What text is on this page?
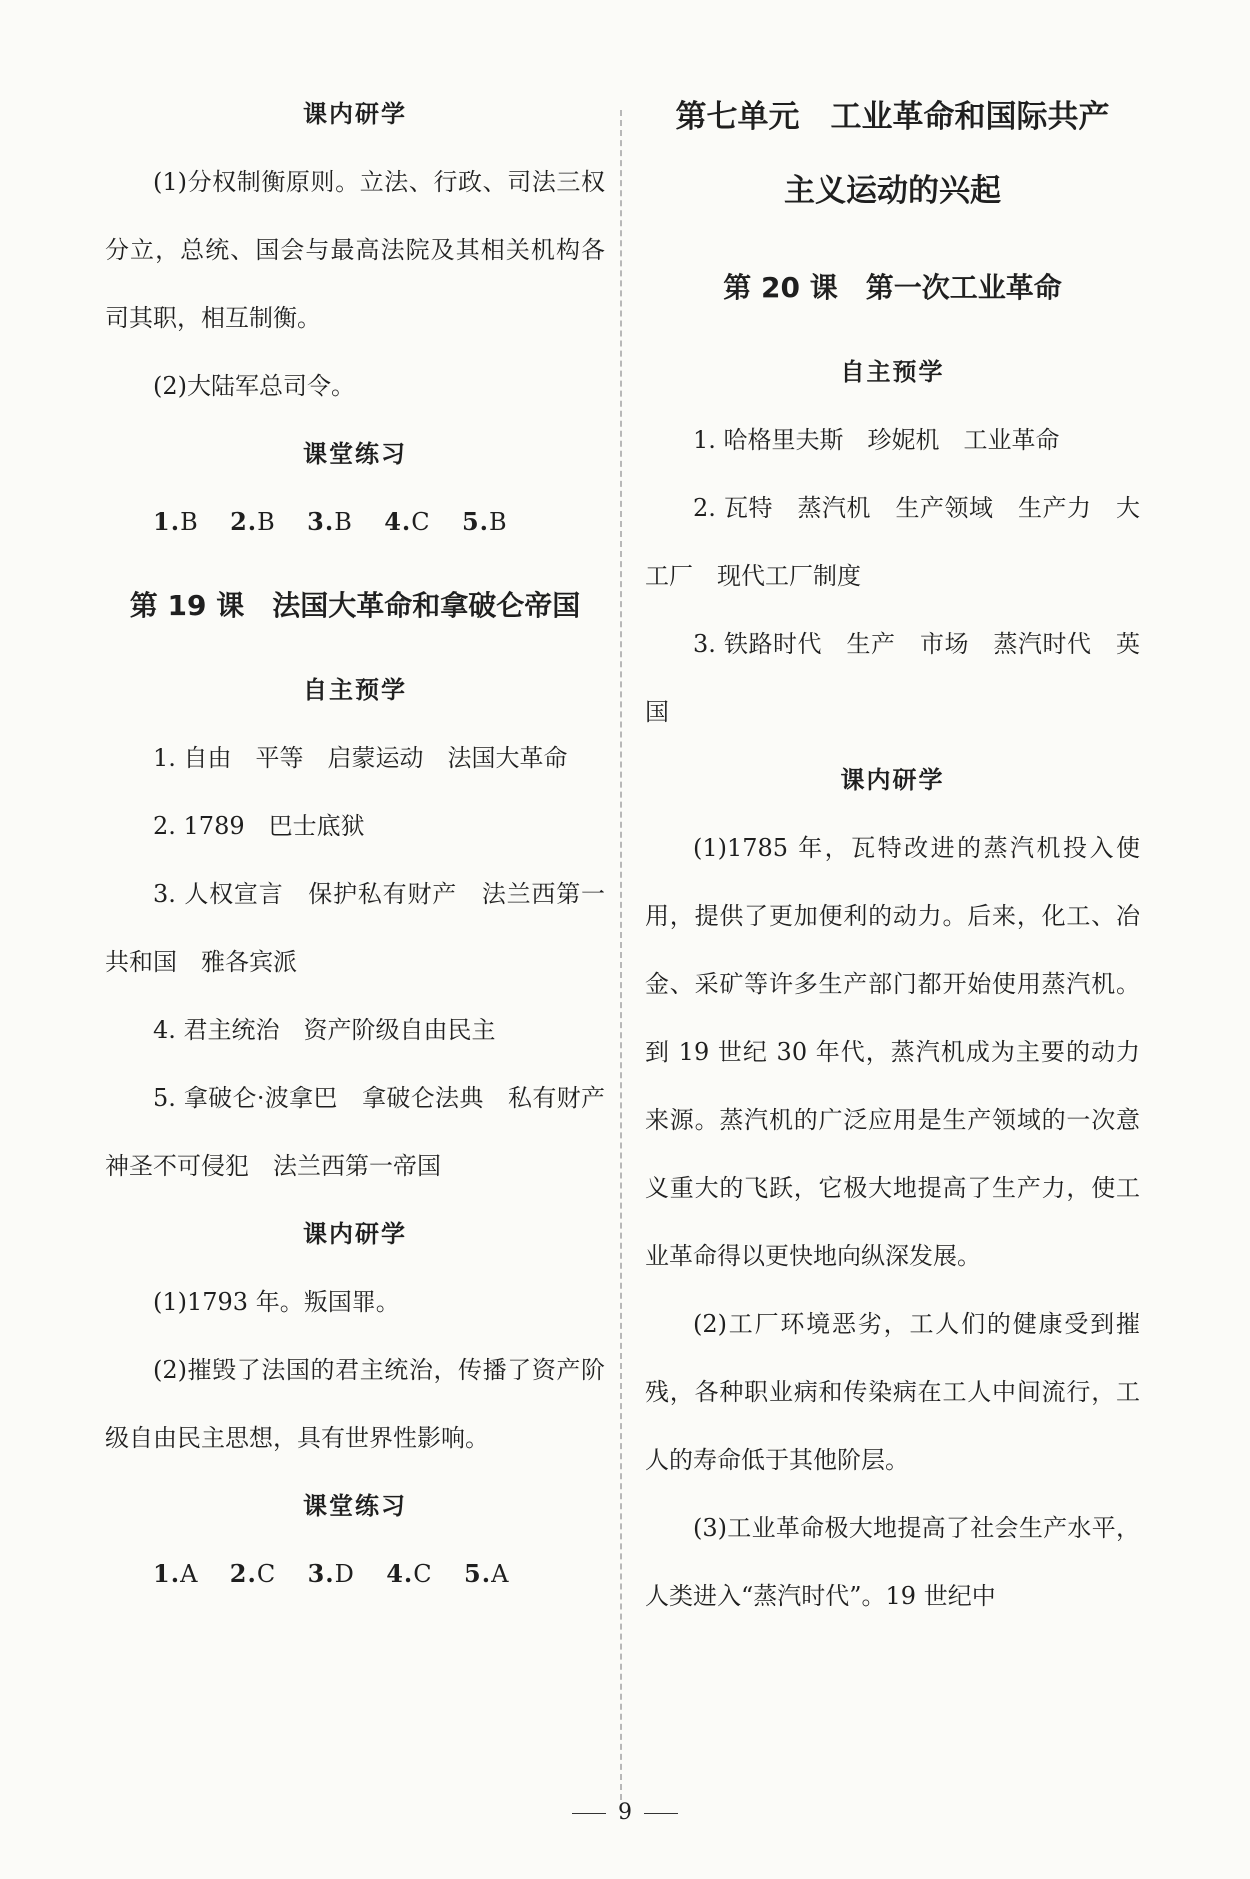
课内研学
(1)分权制衡原则。立法、行政、司法三权分立，总统、国会与最高法院及其相关机构各司其职，相互制衡。
(2)大陆军总司令。
课堂练习
1.B 2.B 3.B 4.C 5.B
第 19 课　法国大革命和拿破仑帝国
自主预学
1. 自由　平等　启蒙运动　法国大革命
2. 1789　巴士底狱
3. 人权宣言　保护私有财产　法兰西第一共和国　雅各宾派
4. 君主统治　资产阶级自由民主
5. 拿破仑·波拿巴　拿破仑法典　私有财产神圣不可侵犯　法兰西第一帝国
课内研学
(1)1793 年。叛国罪。
(2)摧毁了法国的君主统治，传播了资产阶级自由民主思想，具有世界性影响。
课堂练习
1.A 2.C 3.D 4.C 5.A
第七单元　工业革命和国际共产
主义运动的兴起
第 20 课　第一次工业革命
自主预学
1. 哈格里夫斯　珍妮机　工业革命
2. 瓦特　蒸汽机　生产领域　生产力　大工厂　现代工厂制度
3. 铁路时代　生产　市场　蒸汽时代　英国
课内研学
(1)1785 年，瓦特改进的蒸汽机投入使用，提供了更加便利的动力。后来，化工、冶金、采矿等许多生产部门都开始使用蒸汽机。到 19 世纪 30 年代，蒸汽机成为主要的动力来源。蒸汽机的广泛应用是生产领域的一次意义重大的飞跃，它极大地提高了生产力，使工业革命得以更快地向纵深发展。
(2)工厂环境恶劣，工人们的健康受到摧残，各种职业病和传染病在工人中间流行，工人的寿命低于其他阶层。
(3)工业革命极大地提高了社会生产水平，人类进入“蒸汽时代”。19 世纪中
9
